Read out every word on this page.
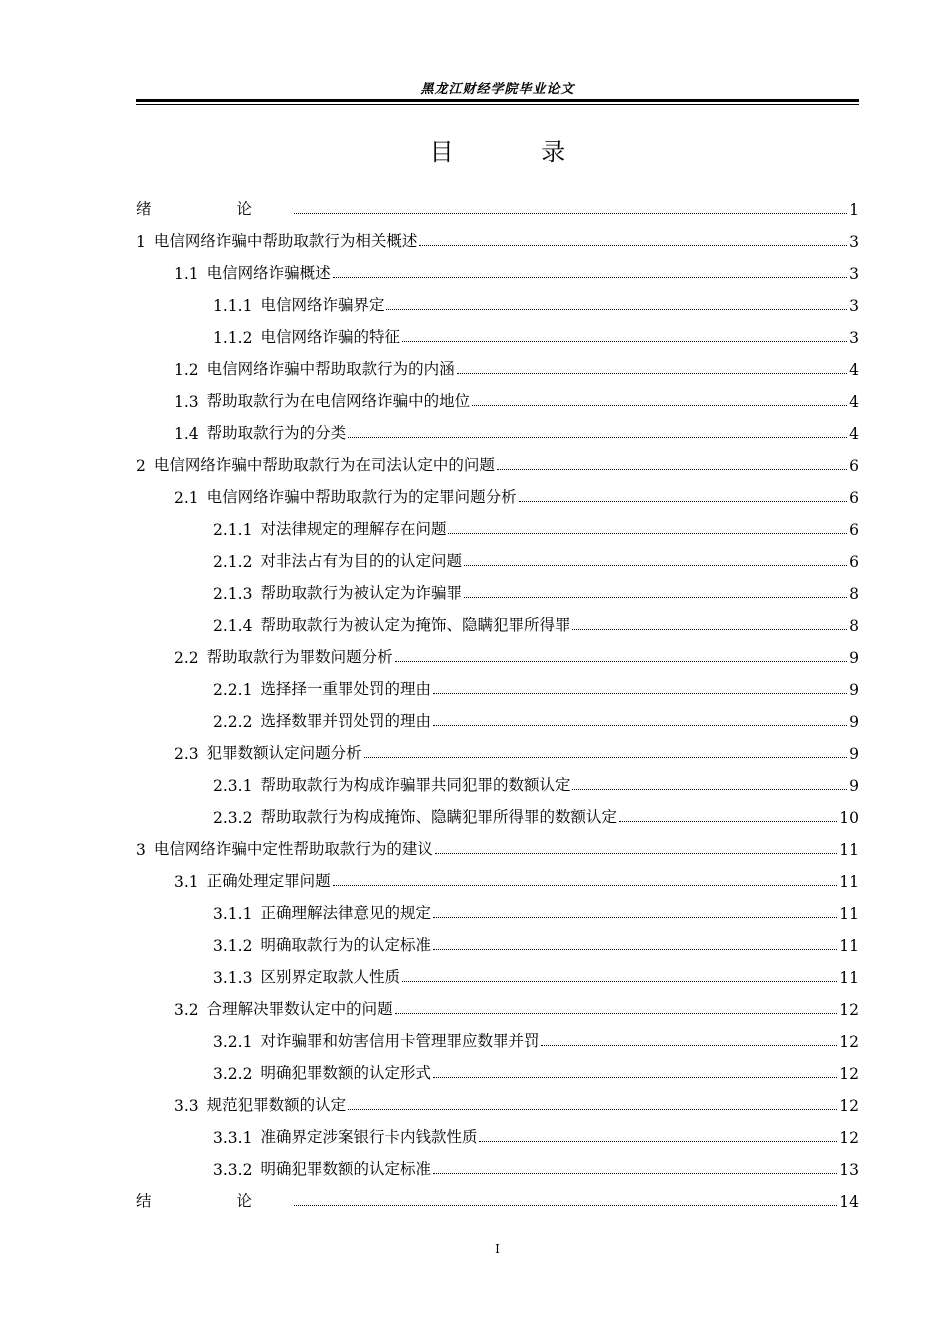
黑龙江财经学院毕业论文
目 录
绪 论	1
1 电信网络诈骗中帮助取款行为相关概述	3
1.1 电信网络诈骗概述	3
1.1.1 电信网络诈骗界定	3
1.1.2 电信网络诈骗的特征	3
1.2 电信网络诈骗中帮助取款行为的内涵	4
1.3 帮助取款行为在电信网络诈骗中的地位	4
1.4 帮助取款行为的分类	4
2 电信网络诈骗中帮助取款行为在司法认定中的问题	6
2.1 电信网络诈骗中帮助取款行为的定罪问题分析	6
2.1.1 对法律规定的理解存在问题	6
2.1.2 对非法占有为目的的认定问题	6
2.1.3 帮助取款行为被认定为诈骗罪	8
2.1.4 帮助取款行为被认定为掩饰、隐瞒犯罪所得罪	8
2.2 帮助取款行为罪数问题分析	9
2.2.1 选择择一重罪处罚的理由	9
2.2.2 选择数罪并罚处罚的理由	9
2.3 犯罪数额认定问题分析	9
2.3.1 帮助取款行为构成诈骗罪共同犯罪的数额认定	9
2.3.2 帮助取款行为构成掩饰、隐瞒犯罪所得罪的数额认定	10
3 电信网络诈骗中定性帮助取款行为的建议	11
3.1 正确处理定罪问题	11
3.1.1 正确理解法律意见的规定	11
3.1.2 明确取款行为的认定标准	11
3.1.3 区别界定取款人性质	11
3.2 合理解决罪数认定中的问题	12
3.2.1 对诈骗罪和妨害信用卡管理罪应数罪并罚	12
3.2.2 明确犯罪数额的认定形式	12
3.3 规范犯罪数额的认定	12
3.3.1 准确界定涉案银行卡内钱款性质	12
3.3.2 明确犯罪数额的认定标准	13
结 论	14
I
